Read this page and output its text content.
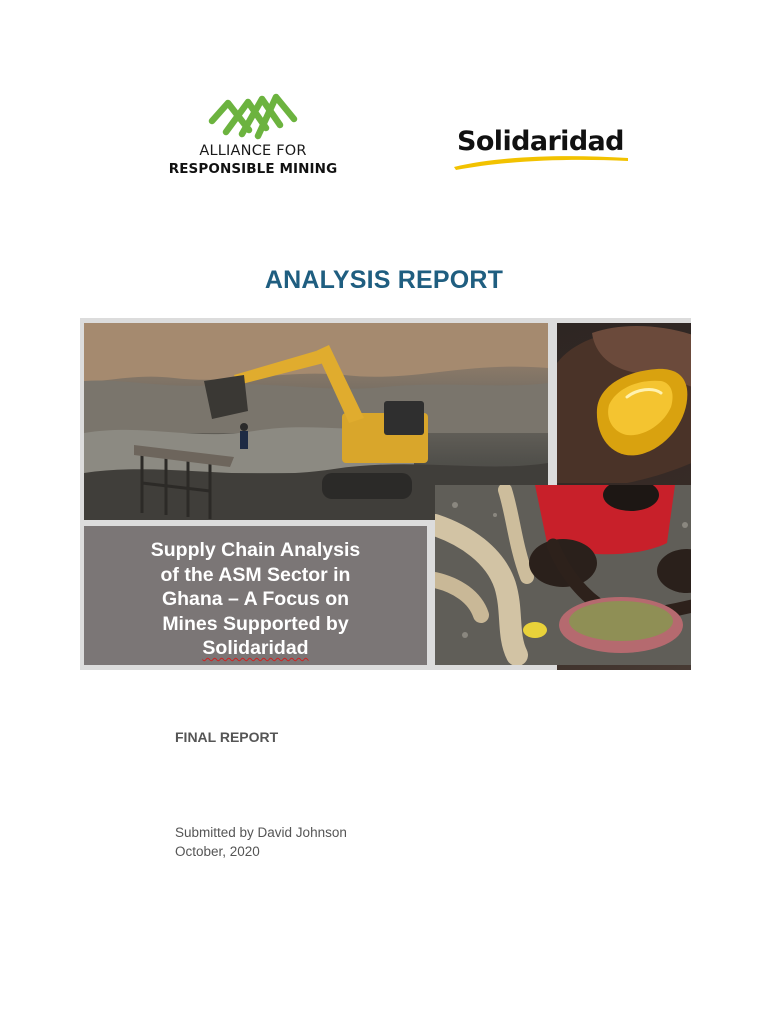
ALLIANCE FOR
RESPONSIBLE MINING
Solidaridad
ANALYSIS REPORT
Supply Chain Analysis
of the ASM Sector in
Ghana – A Focus on
Mines Supported by
Solidaridad
FINAL REPORT
Submitted by David Johnson
October, 2020
